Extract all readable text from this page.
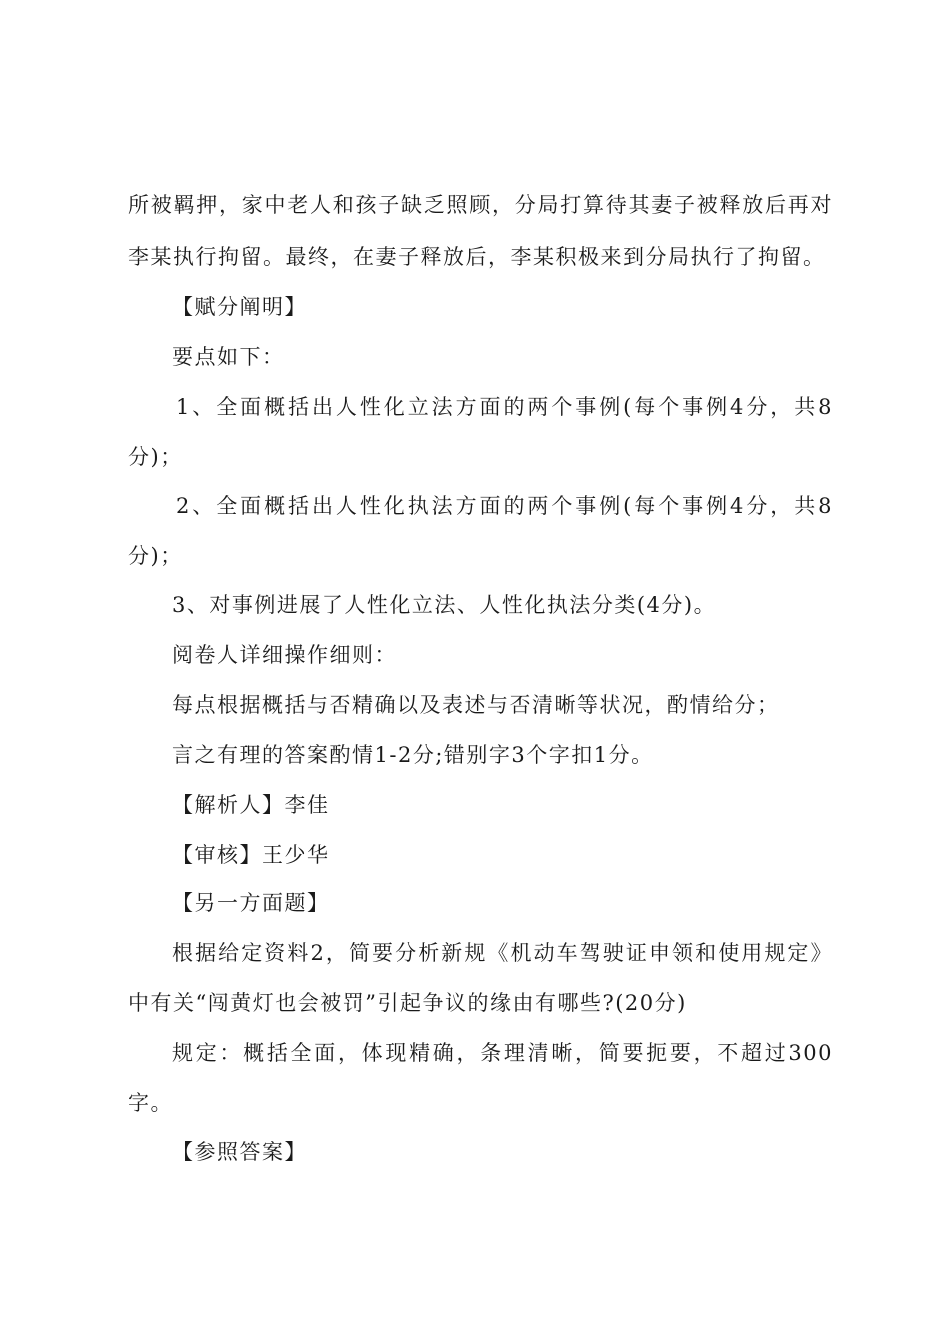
所被羁押，家中老人和孩子缺乏照顾，分局打算待其妻子被释放后再对
李某执行拘留。最终，在妻子释放后，李某积极来到分局执行了拘留。
【赋分阐明】
要点如下：
1、全面概括出人性化立法方面的两个事例(每个事例4分，共8
分)；
2、全面概括出人性化执法方面的两个事例(每个事例4分，共8
分)；
3、对事例进展了人性化立法、人性化执法分类(4分)。
阅卷人详细操作细则：
每点根据概括与否精确以及表述与否清晰等状况，酌情给分；
言之有理的答案酌情1-2分;错别字3个字扣1分。
【解析人】李佳
【审核】王少华
【另一方面题】
根据给定资料2，简要分析新规《机动车驾驶证申领和使用规定》
中有关“闯黄灯也会被罚”引起争议的缘由有哪些?(20分)
规定：概括全面，体现精确，条理清晰，简要扼要，不超过300
字。
【参照答案】
